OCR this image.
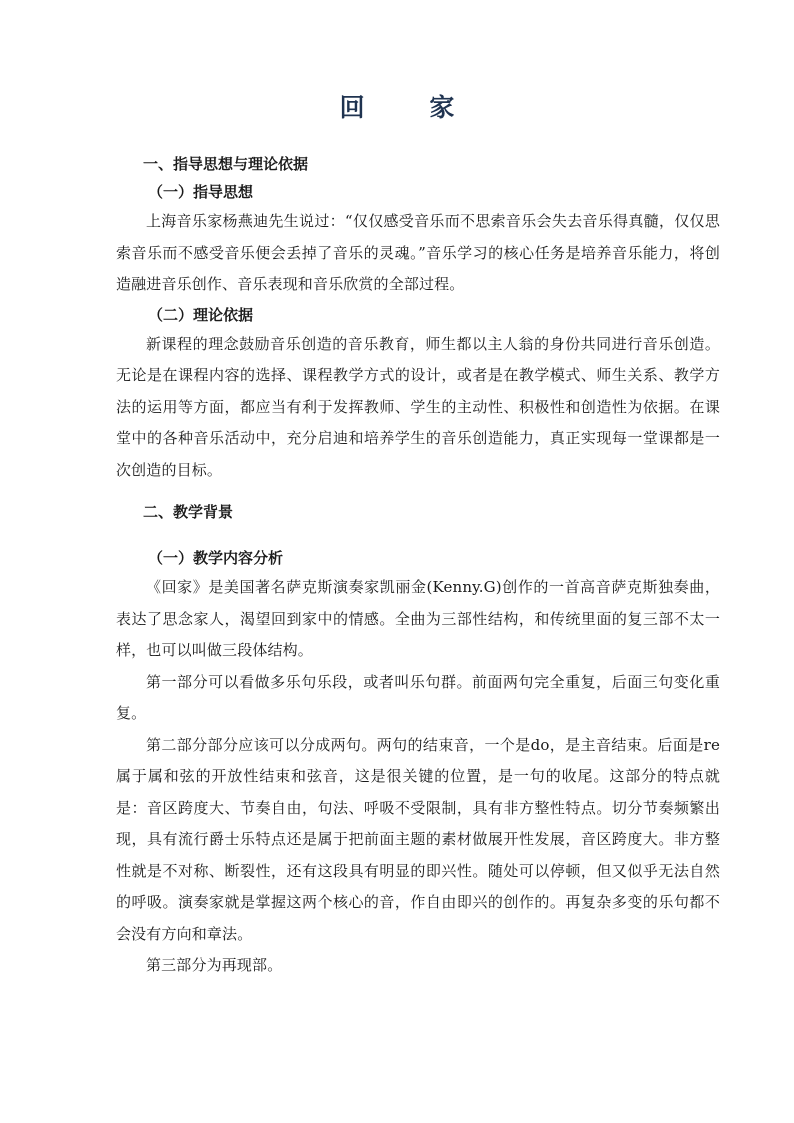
回 家
一、指导思想与理论依据
（一）指导思想

上海音乐家杨燕迪先生说过：“仅仅感受音乐而不思索音乐会失去音乐得真髓，仅仅思索音乐而不感受音乐便会丢掉了音乐的灵魂。”音乐学习的核心任务是培养音乐能力，将创造融进音乐创作、音乐表现和音乐欣赏的全部过程。

（二）理论依据

新课程的理念鼓励音乐创造的音乐教育，师生都以主人翁的身份共同进行音乐创造。无论是在课程内容的选择、课程教学方式的设计，或者是在教学模式、师生关系、教学方法的运用等方面，都应当有利于发挥教师、学生的主动性、积极性和创造性为依据。在课堂中的各种音乐活动中，充分启迪和培养学生的音乐创造能力，真正实现每一堂课都是一次创造的目标。

二、教学背景
（一）教学内容分析

《回家》是美国著名萨克斯演奏家凯丽金(Kenny.G)创作的一首高音萨克斯独奏曲，表达了思念家人，渴望回到家中的情感。全曲为三部性结构，和传统里面的复三部不太一样，也可以叫做三段体结构。

第一部分可以看做多乐句乐段，或者叫乐句群。前面两句完全重复，后面三句变化重复。

第二部分部分应该可以分成两句。两句的结束音，一个是do，是主音结束。后面是re属于属和弦的开放性结束和弦音，这是很关键的位置，是一句的收尾。这部分的特点就是：音区跨度大、节奏自由，句法、呼吸不受限制，具有非方整性特点。切分节奏频繁出现，具有流行爵士乐特点还是属于把前面主题的素材做展开性发展，音区跨度大。非方整性就是不对称、断裂性，还有这段具有明显的即兴性。随处可以停顿，但又似乎无法自然的呼吸。演奏家就是掌握这两个核心的音，作自由即兴的创作的。再复杂多变的乐句都不会没有方向和章法。

第三部分为再现部。
